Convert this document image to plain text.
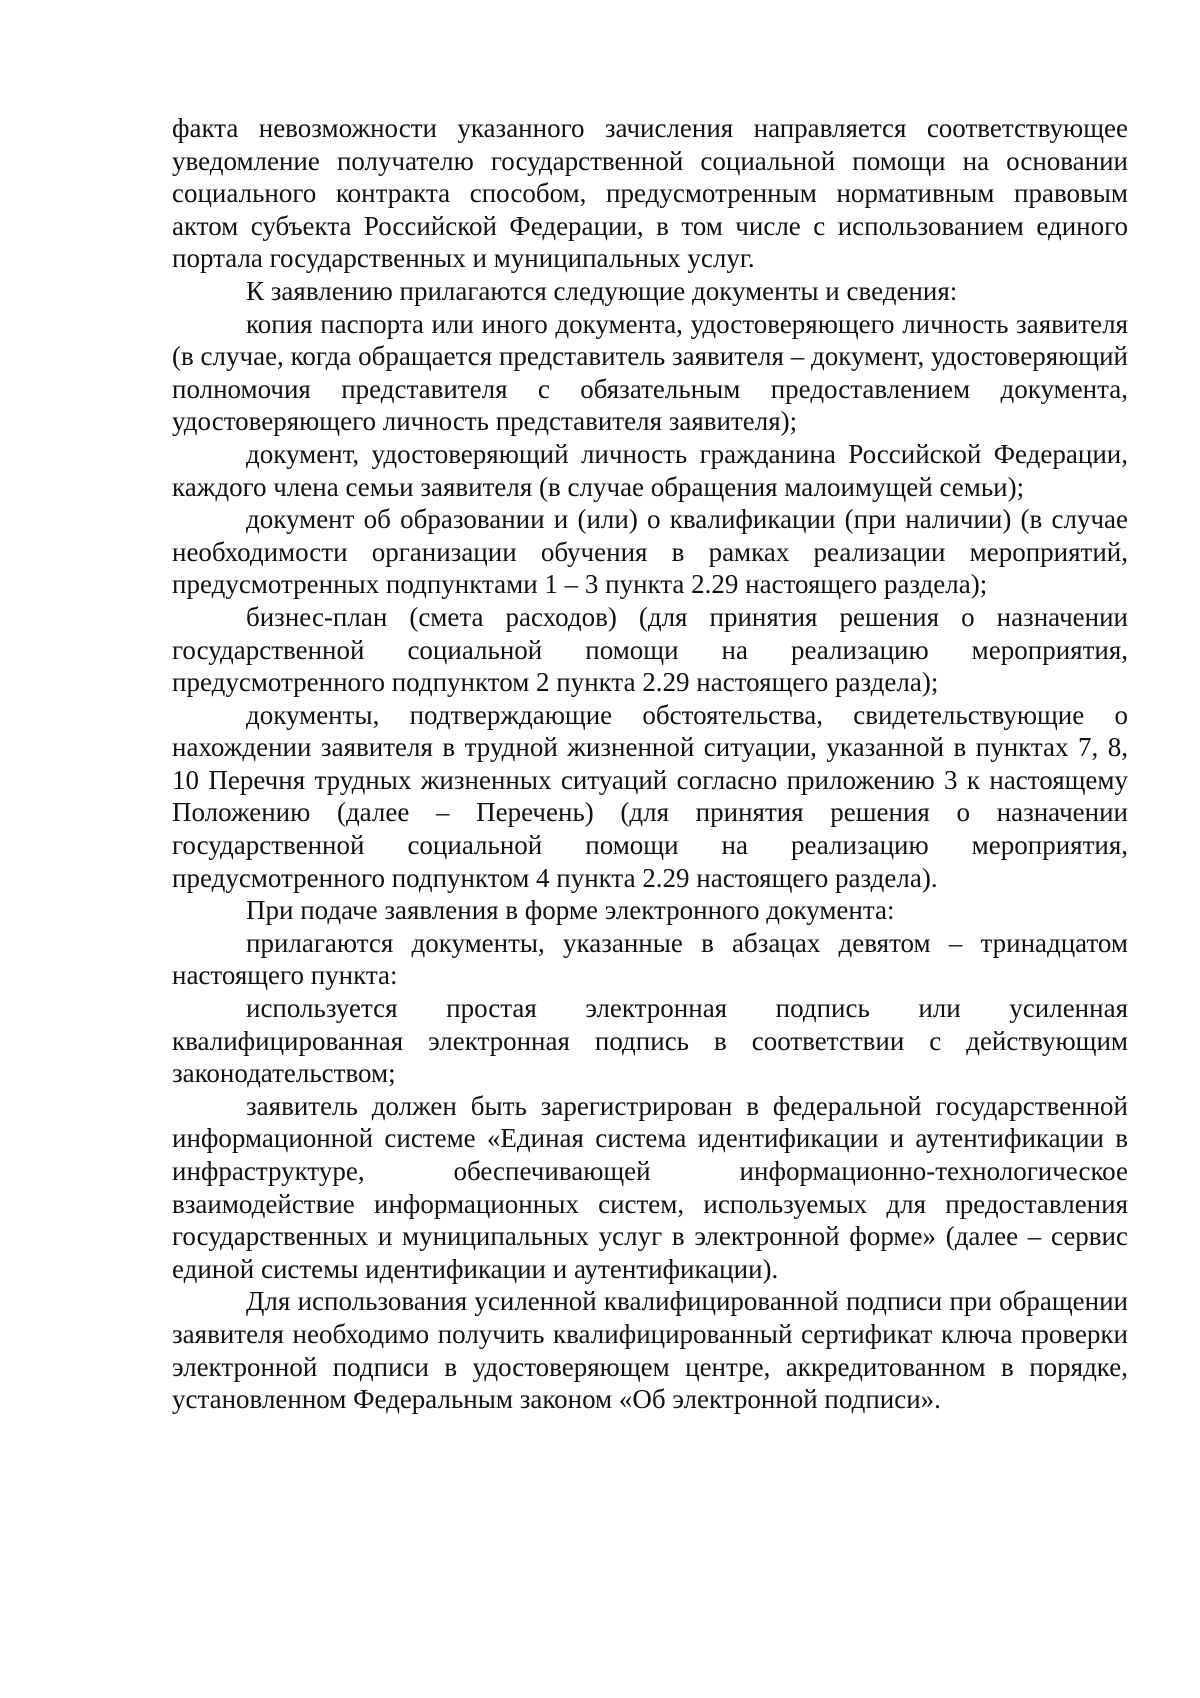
факта невозможности указанного зачисления направляется соответствующее уведомление получателю государственной социальной помощи на основании социального контракта способом, предусмотренным нормативным правовым актом субъекта Российской Федерации, в том числе с использованием единого портала государственных и муниципальных услуг.

К заявлению прилагаются следующие документы и сведения:

копия паспорта или иного документа, удостоверяющего личность заявителя (в случае, когда обращается представитель заявителя – документ, удостоверяющий полномочия представителя с обязательным предоставлением документа, удостоверяющего личность представителя заявителя);

документ, удостоверяющий личность гражданина Российской Федерации, каждого члена семьи заявителя (в случае обращения малоимущей семьи);

документ об образовании и (или) о квалификации (при наличии) (в случае необходимости организации обучения в рамках реализации мероприятий, предусмотренных подпунктами 1 – 3 пункта 2.29 настоящего раздела);

бизнес-план (смета расходов) (для принятия решения о назначении государственной социальной помощи на реализацию мероприятия, предусмотренного подпунктом 2 пункта 2.29 настоящего раздела);

документы, подтверждающие обстоятельства, свидетельствующие о нахождении заявителя в трудной жизненной ситуации, указанной в пунктах 7, 8, 10 Перечня трудных жизненных ситуаций согласно приложению 3 к настоящему Положению (далее – Перечень) (для принятия решения о назначении государственной социальной помощи на реализацию мероприятия, предусмотренного подпунктом 4 пункта 2.29 настоящего раздела).

При подаче заявления в форме электронного документа:

прилагаются документы, указанные в абзацах девятом – тринадцатом настоящего пункта:

используется простая электронная подпись или усиленная квалифицированная электронная подпись в соответствии с действующим законодательством;

заявитель должен быть зарегистрирован в федеральной государственной информационной системе «Единая система идентификации и аутентификации в инфраструктуре, обеспечивающей информационно-технологическое взаимодействие информационных систем, используемых для предоставления государственных и муниципальных услуг в электронной форме» (далее – сервис единой системы идентификации и аутентификации).

Для использования усиленной квалифицированной подписи при обращении заявителя необходимо получить квалифицированный сертификат ключа проверки электронной подписи в удостоверяющем центре, аккредитованном в порядке, установленном Федеральным законом «Об электронной подписи».
